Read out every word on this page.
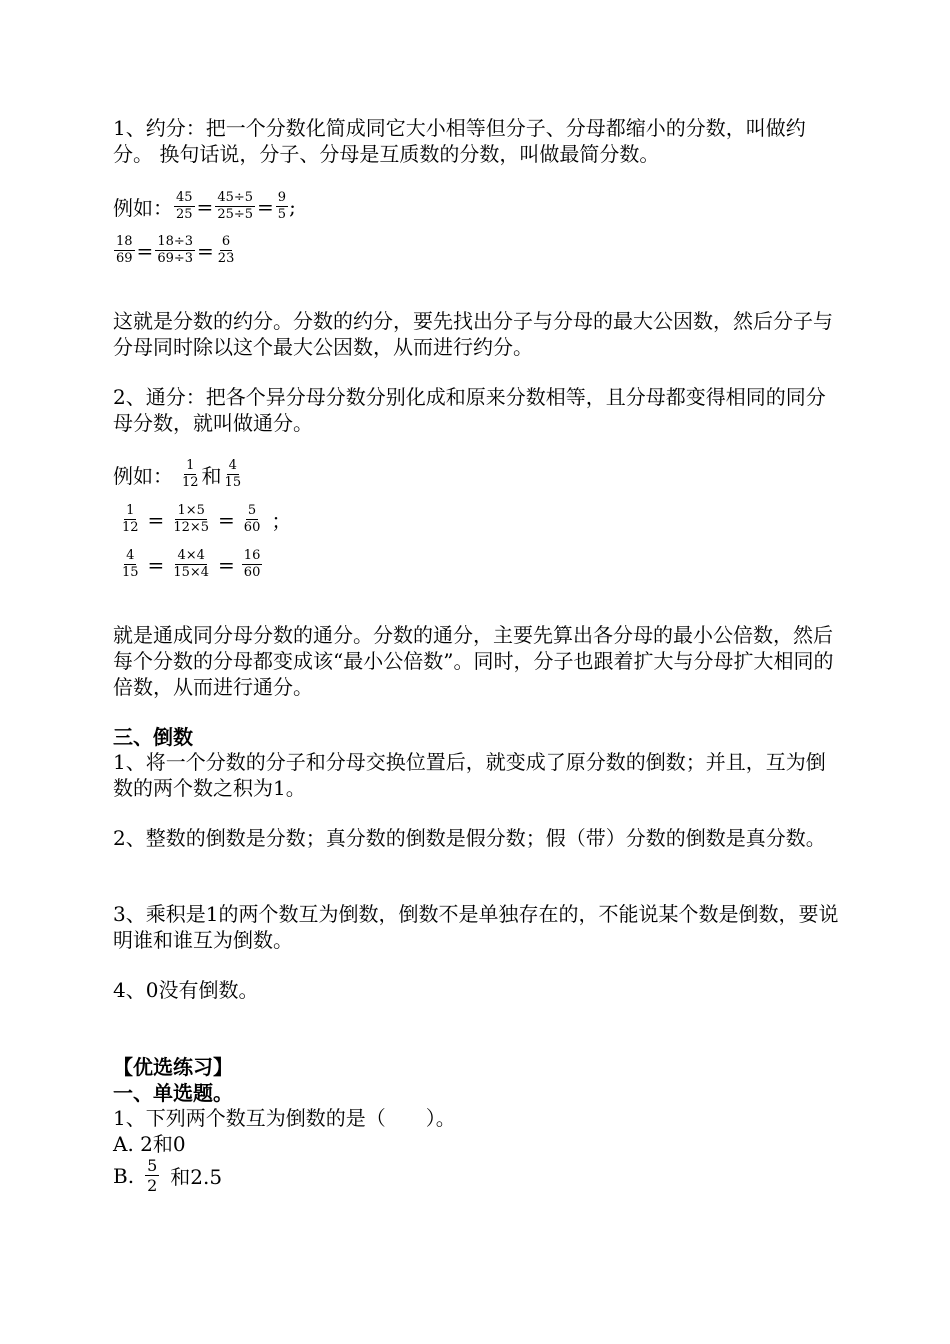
1、约分：把一个分数化简成同它大小相等但分子、分母都缩小的分数，叫做约分。 换句话说，分子、分母是互质数的分数，叫做最简分数。
例如： $\frac{45}{25} = \frac{45\div 5}{25\div 5} = \frac{9}{5}$ ;
$\frac{18}{69} = \frac{18\div 3}{69\div 3} = \frac{6}{23}$
这就是分数的约分。分数的约分，要先找出分子与分母的最大公因数，然后分子与分母同时除以这个最大公因数，从而进行约分。
2、通分：把各个异分母分数分别化成和原来分数相等，且分母都变得相同的同分母分数，就叫做通分。
例如： $\frac{1}{12}$ 和 $\frac{4}{15}$
$\frac{1}{12} = \frac{1\times 5}{12\times 5} = \frac{5}{60}$ ；
$\frac{4}{15} = \frac{4\times 4}{15\times 4} = \frac{16}{60}$
就是通成同分母分数的通分。分数的通分，主要先算出各分母的最小公倍数，然后每个分数的分母都变成该“最小公倍数”。同时，分子也跟着扩大与分母扩大相同的倍数，从而进行通分。
三、倒数
1、将一个分数的分子和分母交换位置后，就变成了原分数的倒数；并且，互为倒数的两个数之积为1。
2、整数的倒数是分数；真分数的倒数是假分数；假（带）分数的倒数是真分数。
3、乘积是1的两个数互为倒数，倒数不是单独存在的，不能说某个数是倒数，要说明谁和谁互为倒数。
4、0没有倒数。
【优选练习】
一、单选题。
1、下列两个数互为倒数的是（　　）。
A. 2和0
B. $\frac{5}{2}$ 和2.5
